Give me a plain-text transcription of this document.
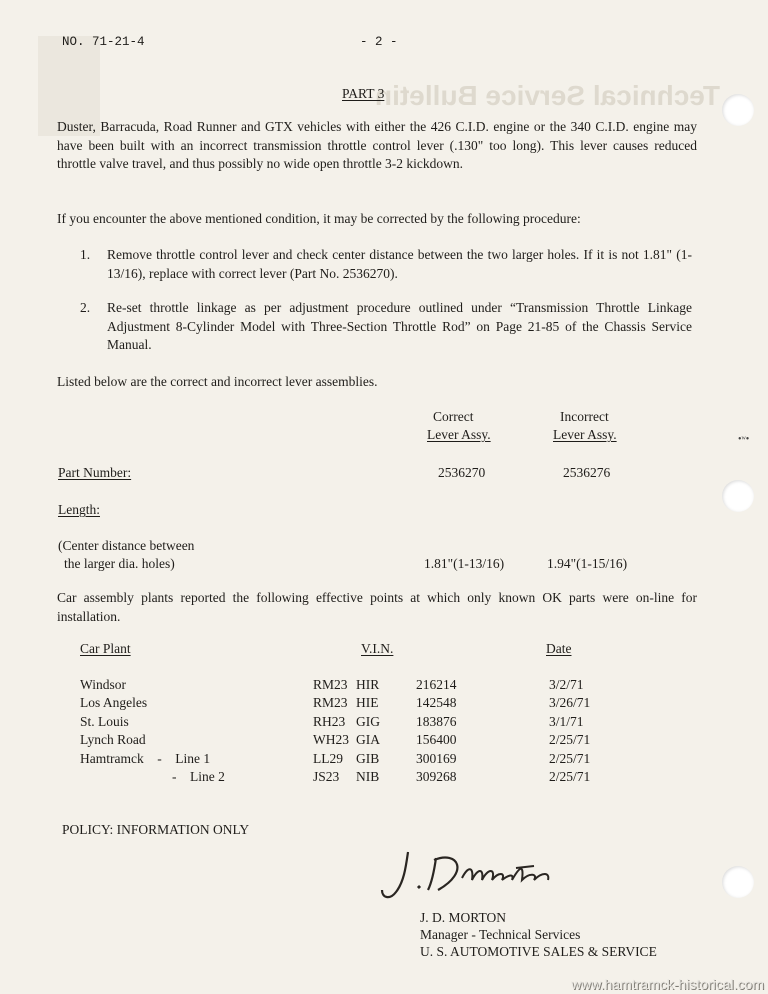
Technical Service Bulletin
•ʷ•
NO. 71-21-4	- 2 -
PART 3
Duster, Barracuda, Road Runner and GTX vehicles with either the 426 C.I.D. engine or the 340 C.I.D. engine may have been built with an incorrect transmission throttle control lever (.130" too long). This lever causes reduced throttle valve travel, and thus possibly no wide open throttle 3-2 kickdown.
If you encounter the above mentioned condition, it may be corrected by the following procedure:
1. Remove throttle control lever and check center distance between the two larger holes. If it is not 1.81" (1-13/16), replace with correct lever (Part No. 2536270).
2. Re-set throttle linkage as per adjustment procedure outlined under “Transmission Throttle Linkage Adjustment 8-Cylinder Model with Three-Section Throttle Rod” on Page 21-85 of the Chassis Service Manual.
Listed below are the correct and incorrect lever assemblies.
Correct
Lever Assy.
Incorrect
Lever Assy.
Part Number:	2536270	2536276
Length:
(Center distance between
the larger dia. holes)	1.81"(1-13/16)	1.94"(1-15/16)
Car assembly plants reported the following effective points at which only known OK parts were on-line for installation.
Car Plant	V.I.N.	Date
Windsor	RM23 HIR	216214	3/2/71
Los Angeles	RM23 HIE	142548	3/26/71
St. Louis	RH23 GIG	183876	3/1/71
Lynch Road	WH23 GIA	156400	2/25/71
Hamtramck    -    Line 1	LL29 GIB	300169	2/25/71
-    Line 2	JS23 NIB	309268	2/25/71
POLICY: INFORMATION ONLY
J. D. MORTON
Manager - Technical Services
U. S. AUTOMOTIVE SALES & SERVICE
www.hamtramck-historical.com
